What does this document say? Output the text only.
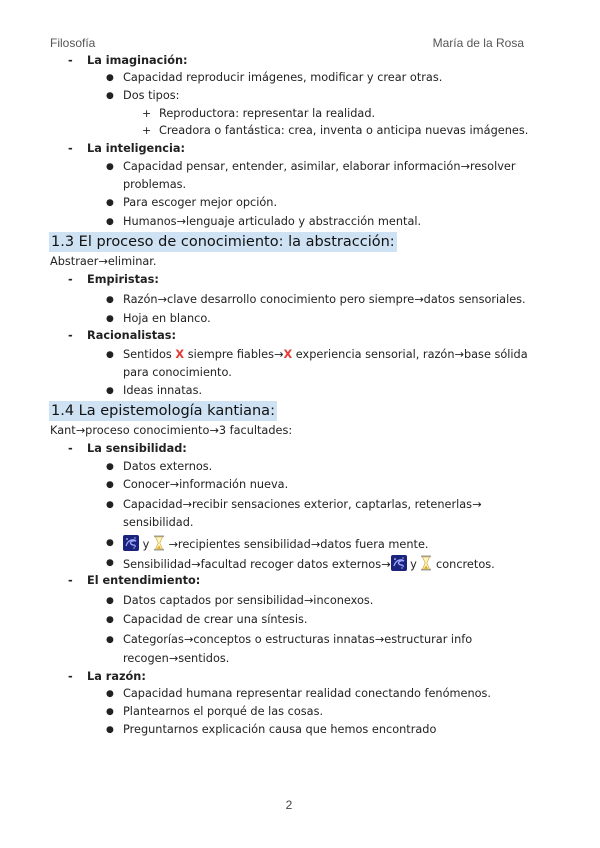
Filosofía	María de la Rosa
- La imaginación:
● Capacidad reproducir imágenes, modificar y crear otras.
● Dos tipos:
+ Reproductora: representar la realidad.
+ Creadora o fantástica: crea, inventa o anticipa nuevas imágenes.
- La inteligencia:
● Capacidad pensar, entender, asimilar, elaborar información→resolver
problemas.
● Para escoger mejor opción.
● Humanos→lenguaje articulado y abstracción mental.
1.3 El proceso de conocimiento: la abstracción:
Abstraer→eliminar.
- Empiristas:
● Razón→clave desarrollo conocimiento pero siempre→datos sensoriales.
● Hoja en blanco.
- Racionalistas:
● Sentidos X siempre fiables→X experiencia sensorial, razón→base sólida
para conocimiento.
● Ideas innatas.
1.4 La epistemología kantiana:
Kant→proceso conocimiento→3 facultades:
- La sensibilidad:
● Datos externos.
● Conocer→información nueva.
● Capacidad→recibir sensaciones exterior, captarlas, retenerlas→
sensibilidad.
●	y →recipientes sensibilidad→datos fuera mente.
● Sensibilidad→facultad recoger datos externos→ y concretos.
- El entendimiento:
● Datos captados por sensibilidad→inconexos.
● Capacidad de crear una síntesis.
● Categorías→conceptos o estructuras innatas→estructurar info
recogen→sentidos.
- La razón:
● Capacidad humana representar realidad conectando fenómenos.
● Plantearnos el porqué de las cosas.
● Preguntarnos explicación causa que hemos encontrado
2
